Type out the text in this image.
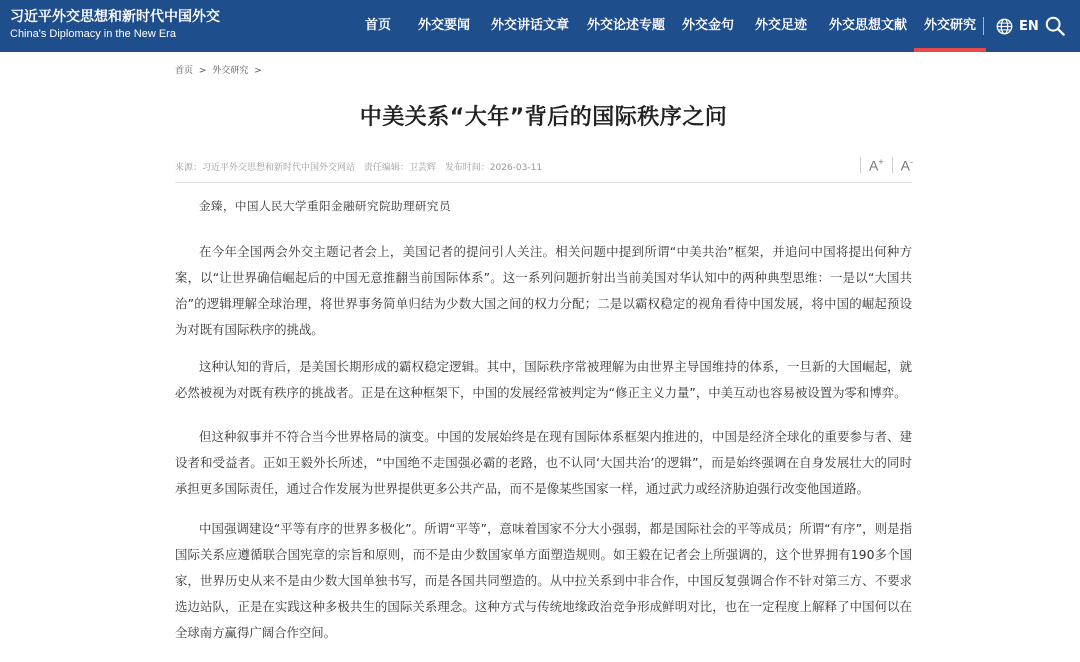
习近平外交思想和新时代中国外交
China's Diplomacy in the New Era
首页 外交要闻 外交讲话文章 外交论述专题 外交金句 外交足迹 外交思想文献 外交研究	EN
首页 > 外交研究 >
中美关系“大年”背后的国际秩序之问
来源：习近平外交思想和新时代中国外交网站 责任编辑：卫芸辉 发布时间：2026-03-11	A+	A-
金臻，中国人民大学重阳金融研究院助理研究员

在今年全国两会外交主题记者会上，美国记者的提问引人关注。相关问题中提到所谓“中美共治”框架，并追问中国将提出何种方案，以“让世界确信崛起后的中国无意推翻当前国际体系”。这一系列问题折射出当前美国对华认知中的两种典型思维：一是以“大国共治”的逻辑理解全球治理，将世界事务简单归结为少数大国之间的权力分配；二是以霸权稳定的视角看待中国发展，将中国的崛起预设为对既有国际秩序的挑战。

这种认知的背后，是美国长期形成的霸权稳定逻辑。其中，国际秩序常被理解为由世界主导国维持的体系，一旦新的大国崛起，就必然被视为对既有秩序的挑战者。正是在这种框架下，中国的发展经常被判定为“修正主义力量”，中美互动也容易被设置为零和博弈。

但这种叙事并不符合当今世界格局的演变。中国的发展始终是在现有国际体系框架内推进的，中国是经济全球化的重要参与者、建设者和受益者。正如王毅外长所述，“中国绝不走国强必霸的老路，也不认同‘大国共治’的逻辑”，而是始终强调在自身发展壮大的同时承担更多国际责任，通过合作发展为世界提供更多公共产品，而不是像某些国家一样，通过武力或经济胁迫强行改变他国道路。

中国强调建设“平等有序的世界多极化”。所谓“平等”，意味着国家不分大小强弱，都是国际社会的平等成员；所谓“有序”，则是指国际关系应遵循联合国宪章的宗旨和原则，而不是由少数国家单方面塑造规则。如王毅在记者会上所强调的，这个世界拥有190多个国家，世界历史从来不是由少数大国单独书写，而是各国共同塑造的。从中拉关系到中非合作，中国反复强调合作不针对第三方、不要求选边站队，正是在实践这种多极共生的国际关系理念。这种方式与传统地缘政治竞争形成鲜明对比，也在一定程度上解释了中国何以在全球南方赢得广阔合作空间。
